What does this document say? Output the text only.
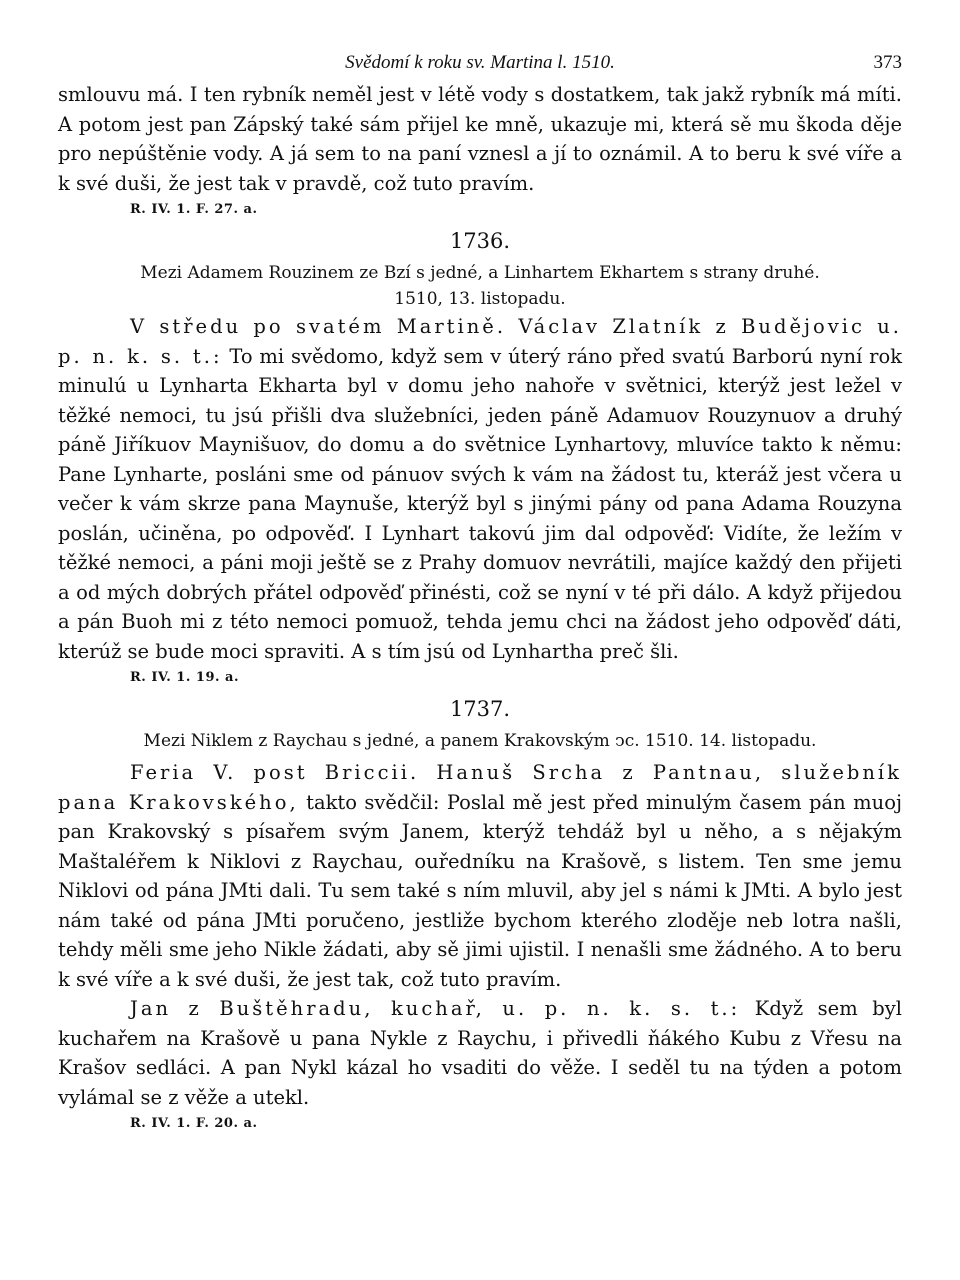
Svědomí k roku sv. Martina l. 1510.	373

smlouvu má. I ten rybník neměl jest v létě vody s dostatkem, tak jakž rybník má míti. A potom jest pan Zápský také sám přijel ke mně, ukazuje mi, která sě mu škoda děje pro nepúštěnie vody. A já sem to na paní vznesl a jí to oznámil. A to beru k své víře a k své duši, že jest tak v pravdě, což tuto pravím.

R. IV. 1. F. 27. a.
1736.

Mezi Adamem Rouzinem ze Bzí s jedné, a Linhartem Ekhartem s strany druhé.

1510, 13. listopadu.

V středu po svatém Martině. Václav Zlatník z Budějovic u. p. n. k. s. t.: To mi svědomo, když sem v úterý ráno před svatú Barború nyní rok minulú u Lynharta Ekharta byl v domu jeho nahoře v světnici, kterýž jest ležel v těžké nemoci, tu jsú přišli dva služebníci, jeden páně Adamuov Rouzynuov a druhý páně Jiříkuov Maynišuov, do domu a do světnice Lynhartovy, mluvíce takto k němu: Pane Lynharte, posláni sme od pánuov svých k vám na žádost tu, kteráž jest včera u večer k vám skrze pana Maynuše, kterýž byl s jinými pány od pana Adama Rouzyna poslán, učiněna, po odpověď. I Lynhart takovú jim dal odpověď: Vidíte, že ležím v těžké nemoci, a páni moji ještě se z Prahy domuov nevrátili, majíce každý den přijeti a od mých dobrých přátel odpověď přinésti, což se nyní v té při dálo. A když přijedou a pán Buoh mi z této nemoci pomuož, tehda jemu chci na žádost jeho odpověď dáti, kterúž se bude moci spraviti. A s tím jsú od Lynhartha preč šli.

R. IV. 1. 19. a.
1737.

Mezi Niklem z Raychau s jedné, a panem Krakovským ↄc. 1510. 14. listopadu.

Feria V. post Briccii. Hanuš Srcha z Pantnau, služebník pana Krakovského, takto svědčil: Poslal mě jest před minulým časem pán muoj pan Krakovský s písařem svým Janem, kterýž tehdáž byl u něho, a s nějakým Maštaléřem k Niklovi z Raychau, ouředníku na Krašově, s listem. Ten sme jemu Niklovi od pána JMti dali. Tu sem také s ním mluvil, aby jel s námi k JMti. A bylo jest nám také od pána JMti poručeno, jestliže bychom kterého zloděje neb lotra našli, tehdy měli sme jeho Nikle žádati, aby sě jimi ujistil. I nenašli sme žádného. A to beru k své víře a k své duši, že jest tak, což tuto pravím.

Jan z Buštěhradu, kuchař, u. p. n. k. s. t.: Když sem byl kuchařem na Krašově u pana Nykle z Raychu, i přivedli ňákého Kubu z Vřesu na Krašov sedláci. A pan Nykl kázal ho vsaditi do věže. I seděl tu na týden a potom vylámal se z věže a utekl.

R. IV. 1. F. 20. a.
